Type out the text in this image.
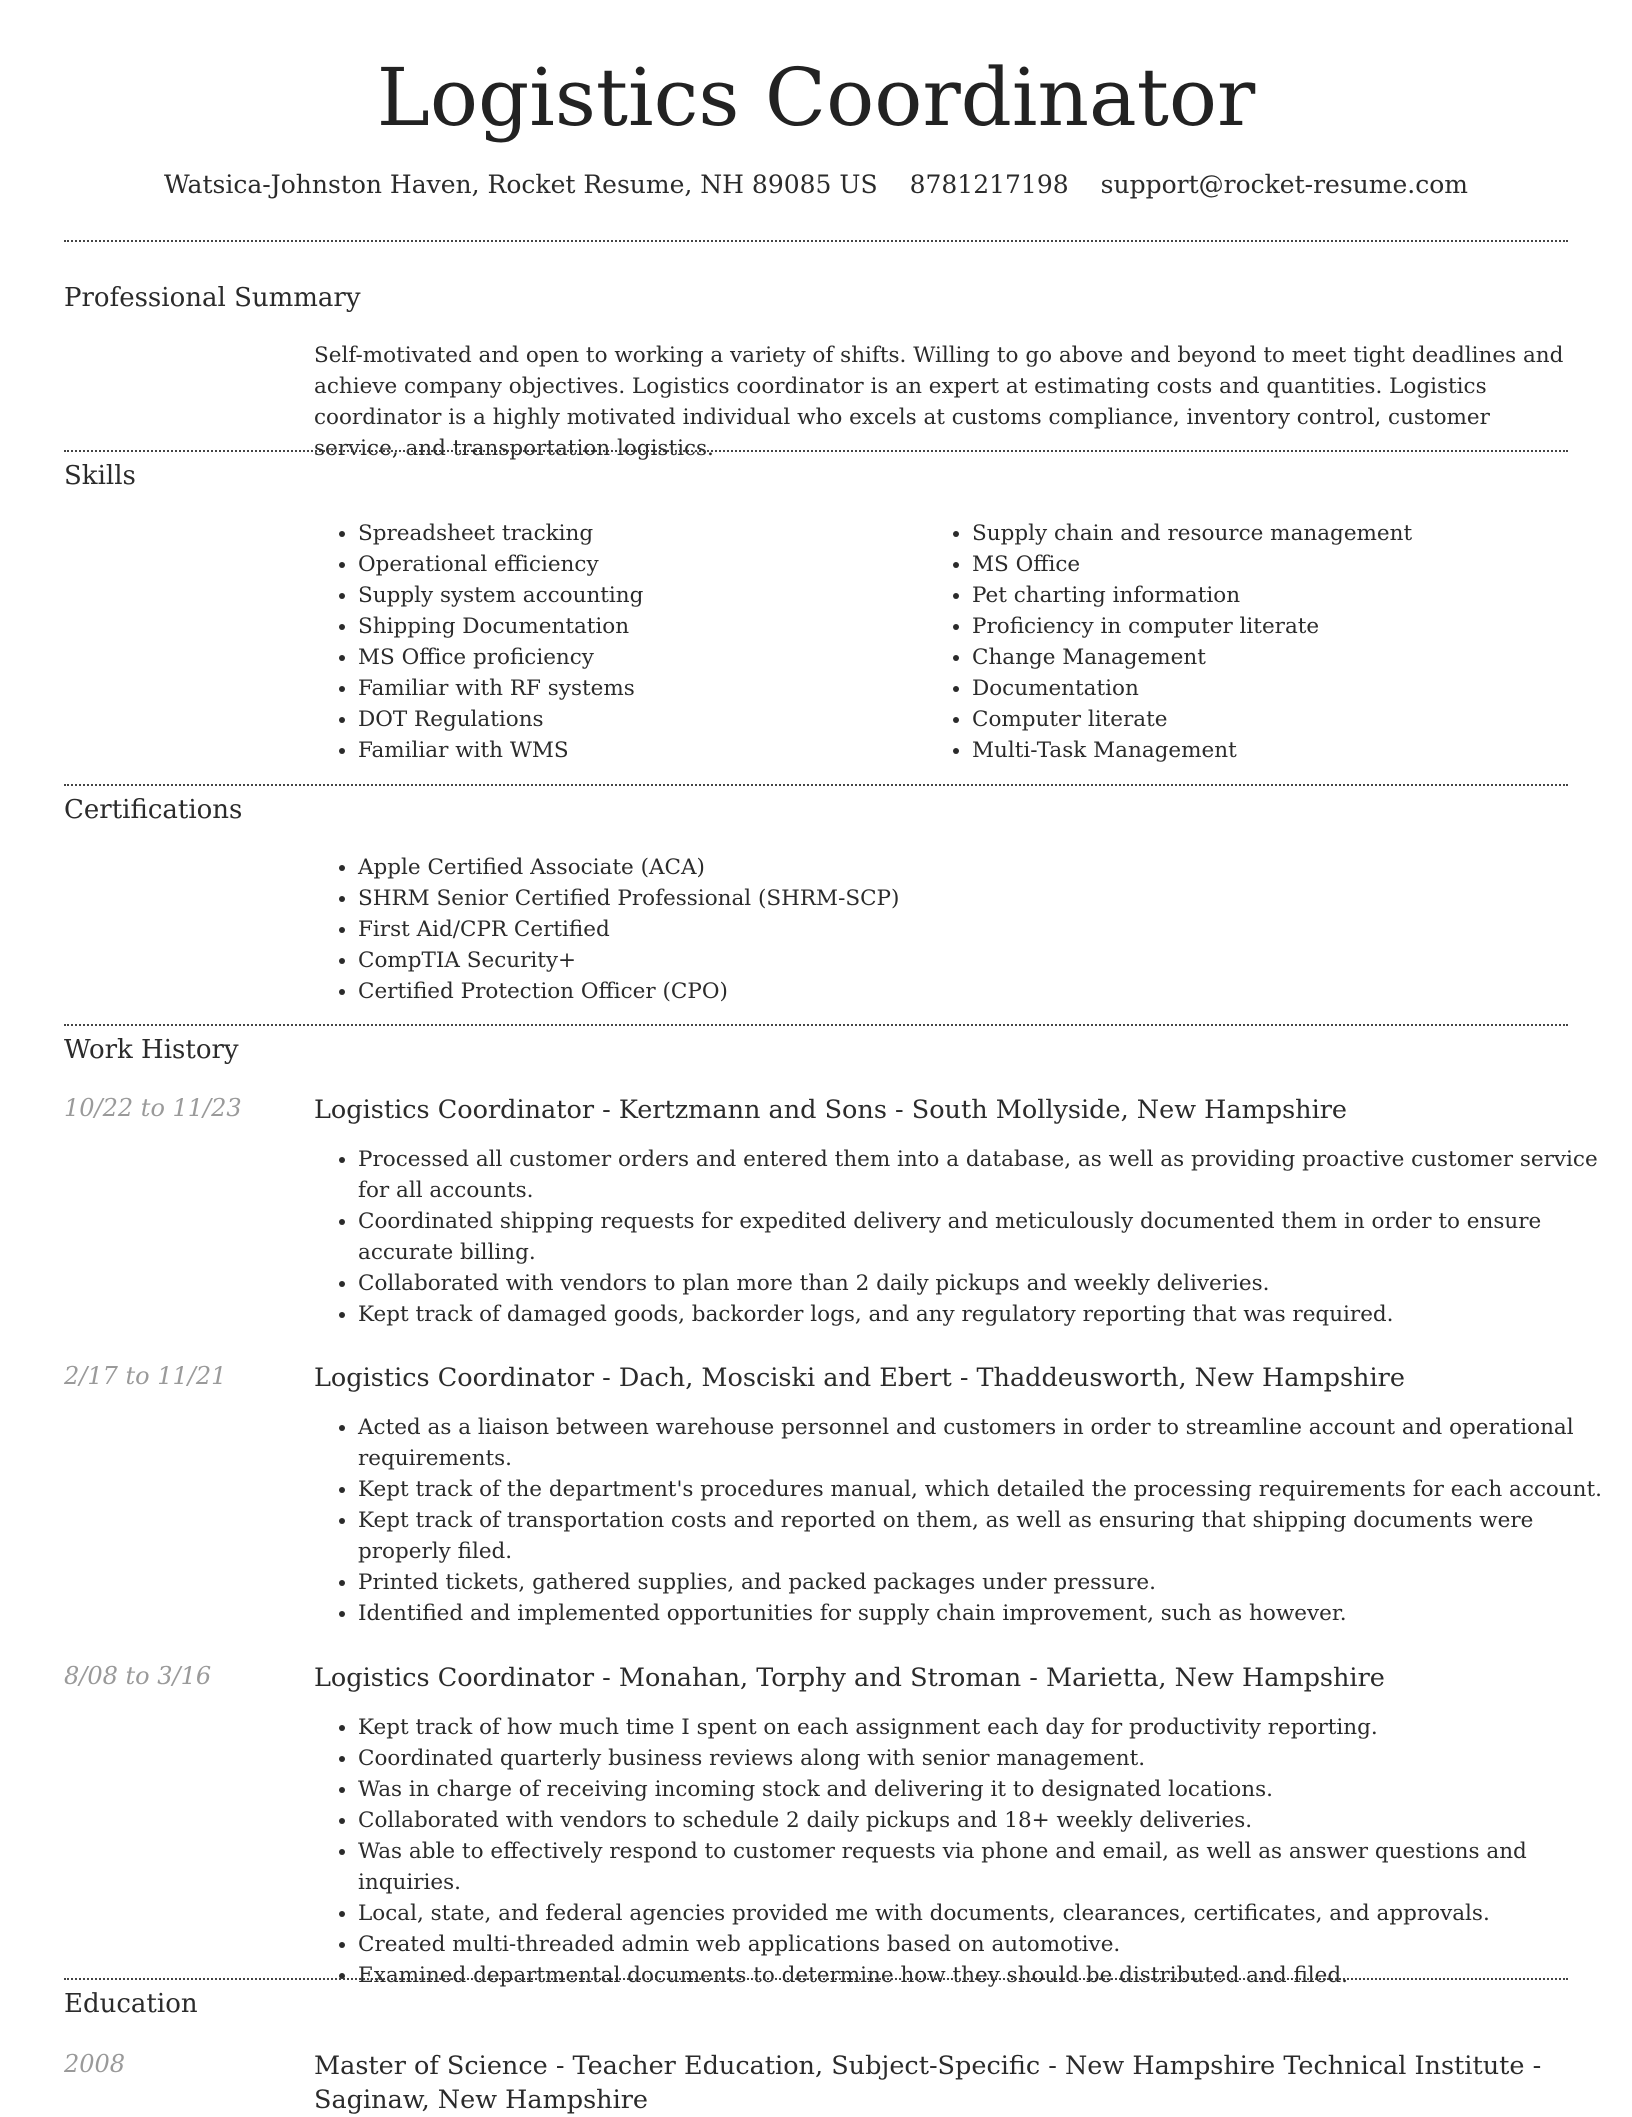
Logistics Coordinator
Watsica-Johnston Haven, Rocket Resume, NH 89085 US 8781217198 support@rocket-resume.com
Professional Summary

Self-motivated and open to working a variety of shifts. Willing to go above and beyond to meet tight deadlines and achieve company objectives. Logistics coordinator is an expert at estimating costs and quantities. Logistics coordinator is a highly motivated individual who excels at customs compliance, inventory control, customer service, and transportation logistics.

Skills
• Spreadsheet tracking
• Operational efficiency
• Supply system accounting
• Shipping Documentation
• MS Office proficiency
• Familiar with RF systems
• DOT Regulations
• Familiar with WMS
• Supply chain and resource management
• MS Office
• Pet charting information
• Proficiency in computer literate
• Change Management
• Documentation
• Computer literate
• Multi-Task Management
Certifications
• Apple Certified Associate (ACA)
• SHRM Senior Certified Professional (SHRM-SCP)
• First Aid/CPR Certified
• CompTIA Security+
• Certified Protection Officer (CPO)
Work History
10/22 to 11/23	Logistics Coordinator - Kertzmann and Sons - South Mollyside, New Hampshire
• Processed all customer orders and entered them into a database, as well as providing proactive customer service for all accounts.
• Coordinated shipping requests for expedited delivery and meticulously documented them in order to ensure accurate billing.
• Collaborated with vendors to plan more than 2 daily pickups and weekly deliveries.
• Kept track of damaged goods, backorder logs, and any regulatory reporting that was required.
2/17 to 11/21	Logistics Coordinator - Dach, Mosciski and Ebert - Thaddeusworth, New Hampshire
• Acted as a liaison between warehouse personnel and customers in order to streamline account and operational requirements.
• Kept track of the department's procedures manual, which detailed the processing requirements for each account.
• Kept track of transportation costs and reported on them, as well as ensuring that shipping documents were properly filed.
• Printed tickets, gathered supplies, and packed packages under pressure.
• Identified and implemented opportunities for supply chain improvement, such as however.
8/08 to 3/16	Logistics Coordinator - Monahan, Torphy and Stroman - Marietta, New Hampshire
• Kept track of how much time I spent on each assignment each day for productivity reporting.
• Coordinated quarterly business reviews along with senior management.
• Was in charge of receiving incoming stock and delivering it to designated locations.
• Collaborated with vendors to schedule 2 daily pickups and 18+ weekly deliveries.
• Was able to effectively respond to customer requests via phone and email, as well as answer questions and inquiries.
• Local, state, and federal agencies provided me with documents, clearances, certificates, and approvals.
• Created multi-threaded admin web applications based on automotive.
• Examined departmental documents to determine how they should be distributed and filed.
Education
2008	Master of Science - Teacher Education, Subject-Specific - New Hampshire Technical Institute - Saginaw, New Hampshire
